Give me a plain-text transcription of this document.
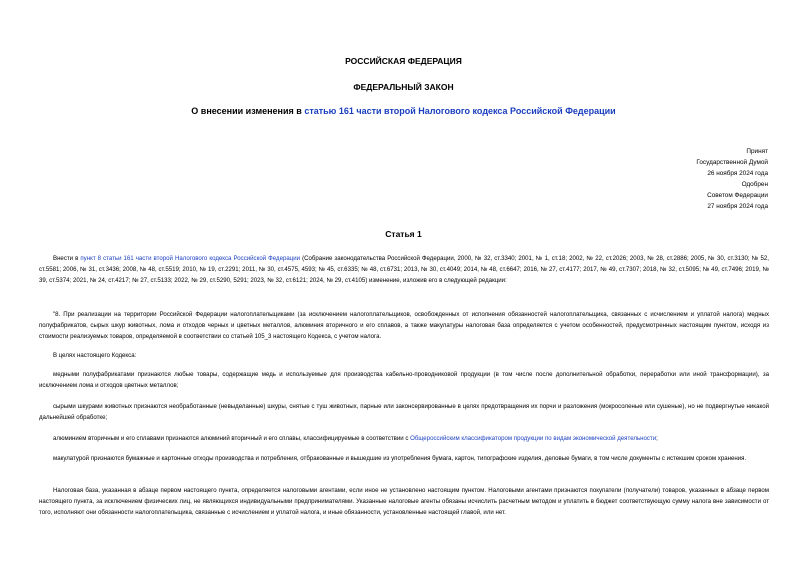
РОССИЙСКАЯ ФЕДЕРАЦИЯ
ФЕДЕРАЛЬНЫЙ ЗАКОН
О внесении изменения в статью 161 части второй Налогового кодекса Российской Федерации
Принят
Государственной Думой
26 ноября 2024 года
Одобрен
Советом Федерации
27 ноября 2024 года
Статья 1
Внести в пункт 8 статьи 161 части второй Налогового кодекса Российской Федерации (Собрание законодательства Российской Федерации, 2000, № 32, ст.3340; 2001, № 1, ст.18; 2002, № 22, ст.2026; 2003, № 28, ст.2886; 2005, № 30, ст.3130; № 52, ст.5581; 2006, № 31, ст.3436; 2008, № 48, ст.5519; 2010, № 19, ст.2291; 2011, № 30, ст.4575, 4593; № 45, ст.6335; № 48, ст.6731; 2013, № 30, ст.4049; 2014, № 48, ст.6647; 2016, № 27, ст.4177; 2017, № 49, ст.7307; 2018, № 32, ст.5095; № 49, ст.7496; 2019, № 39, ст.5374; 2021, № 24, ст.4217; № 27, ст.5133; 2022, № 29, ст.5290, 5291; 2023, № 32, ст.6121; 2024, № 29, ст.4105) изменение, изложив его в следующей редакции:
"8. При реализации на территории Российской Федерации налогоплательщиками (за исключением налогоплательщиков, освобожденных от исполнения обязанностей налогоплательщика, связанных с исчислением и уплатой налога) медных полуфабрикатов, сырых шкур животных, лома и отходов черных и цветных металлов, алюминия вторичного и его сплавов, а также макулатуры налоговая база определяется с учетом особенностей, предусмотренных настоящим пунктом, исходя из стоимости реализуемых товаров, определяемой в соответствии со статьей 105_3 настоящего Кодекса, с учетом налога.
В целях настоящего Кодекса:
медными полуфабрикатами признаются любые товары, содержащие медь и используемые для производства кабельно-проводниковой продукции (в том числе после дополнительной обработки, переработки или иной трансформации), за исключением лома и отходов цветных металлов;
сырыми шкурами животных признаются необработанные (невыделанные) шкуры, снятые с туш животных, парные или законсервированные в целях предотвращения их порчи и разложения (мокросоленые или сушеные), но не подвергнутые никакой дальнейшей обработке;
алюминием вторичным и его сплавами признаются алюминий вторичный и его сплавы, классифицируемые в соответствии с Общероссийским классификатором продукции по видам экономической деятельности;
макулатурой признаются бумажные и картонные отходы производства и потребления, отбракованные и вышедшие из употребления бумага, картон, типографские изделия, деловые бумаги, в том числе документы с истекшим сроком хранения.
Налоговая база, указанная в абзаце первом настоящего пункта, определяется налоговыми агентами, если иное не установлено настоящим пунктом. Налоговыми агентами признаются покупатели (получатели) товаров, указанных в абзаце первом настоящего пункта, за исключением физических лиц, не являющихся индивидуальными предпринимателями. Указанные налоговые агенты обязаны исчислить расчетным методом и уплатить в бюджет соответствующую сумму налога вне зависимости от того, исполняют они обязанности налогоплательщика, связанные с исчислением и уплатой налога, и иные обязанности, установленные настоящей главой, или нет.
